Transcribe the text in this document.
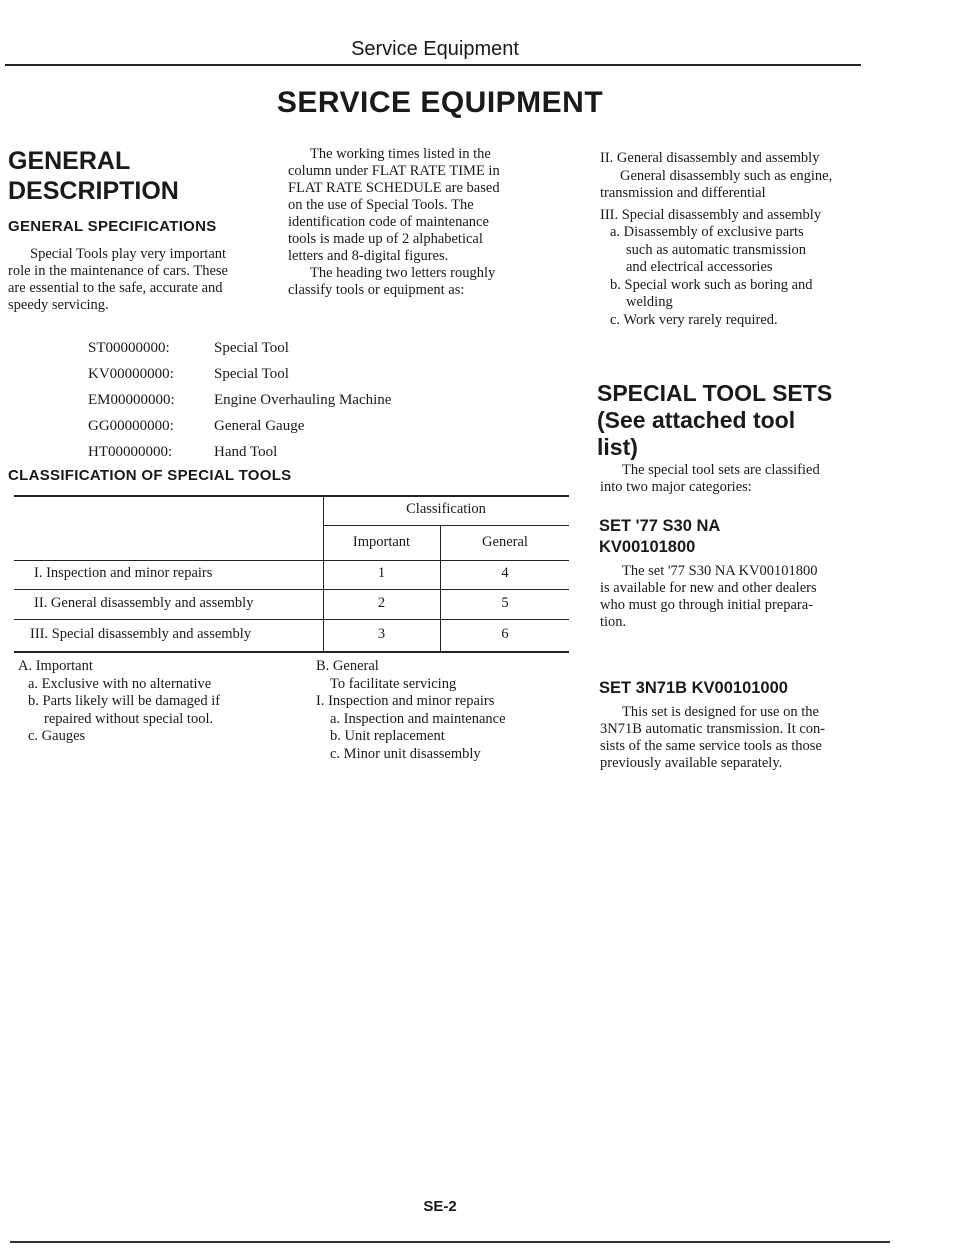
Service Equipment
SERVICE EQUIPMENT
GENERAL
DESCRIPTION
GENERAL SPECIFICATIONS
Special Tools play very important
role in the maintenance of cars. These
are essential to the safe, accurate and
speedy servicing.
The working times listed in the
column under FLAT RATE TIME in
FLAT RATE SCHEDULE are based
on the use of Special Tools. The
identification code of maintenance
tools is made up of 2 alphabetical
letters and 8-digital figures.
The heading two letters roughly
classify tools or equipment as:
ST00000000:	Special Tool
KV00000000:	Special Tool
EM00000000:	Engine Overhauling Machine
GG00000000:	General Gauge
HT00000000:	Hand Tool
CLASSIFICATION OF SPECIAL TOOLS
Classification
Important	General
I. Inspection and minor repairs	1	4
II. General disassembly and assembly	2	5
III. Special disassembly and assembly	3	6
A. Important
a. Exclusive with no alternative
b. Parts likely will be damaged if
repaired without special tool.
c. Gauges
B. General
To facilitate servicing
I. Inspection and minor repairs
a. Inspection and maintenance
b. Unit replacement
c. Minor unit disassembly
II. General disassembly and assembly
General disassembly such as engine,
transmission and differential
III. Special disassembly and assembly
a. Disassembly of exclusive parts
such as automatic transmission
and electrical accessories
b. Special work such as boring and
welding
c. Work very rarely required.
SPECIAL TOOL SETS
(See attached tool
list)
The special tool sets are classified
into two major categories:
SET '77 S30 NA
KV00101800
The set '77 S30 NA KV00101800
is available for new and other dealers
who must go through initial prepara-
tion.
SET 3N71B KV00101000
This set is designed for use on the
3N71B automatic transmission. It con-
sists of the same service tools as those
previously available separately.
SE-2
